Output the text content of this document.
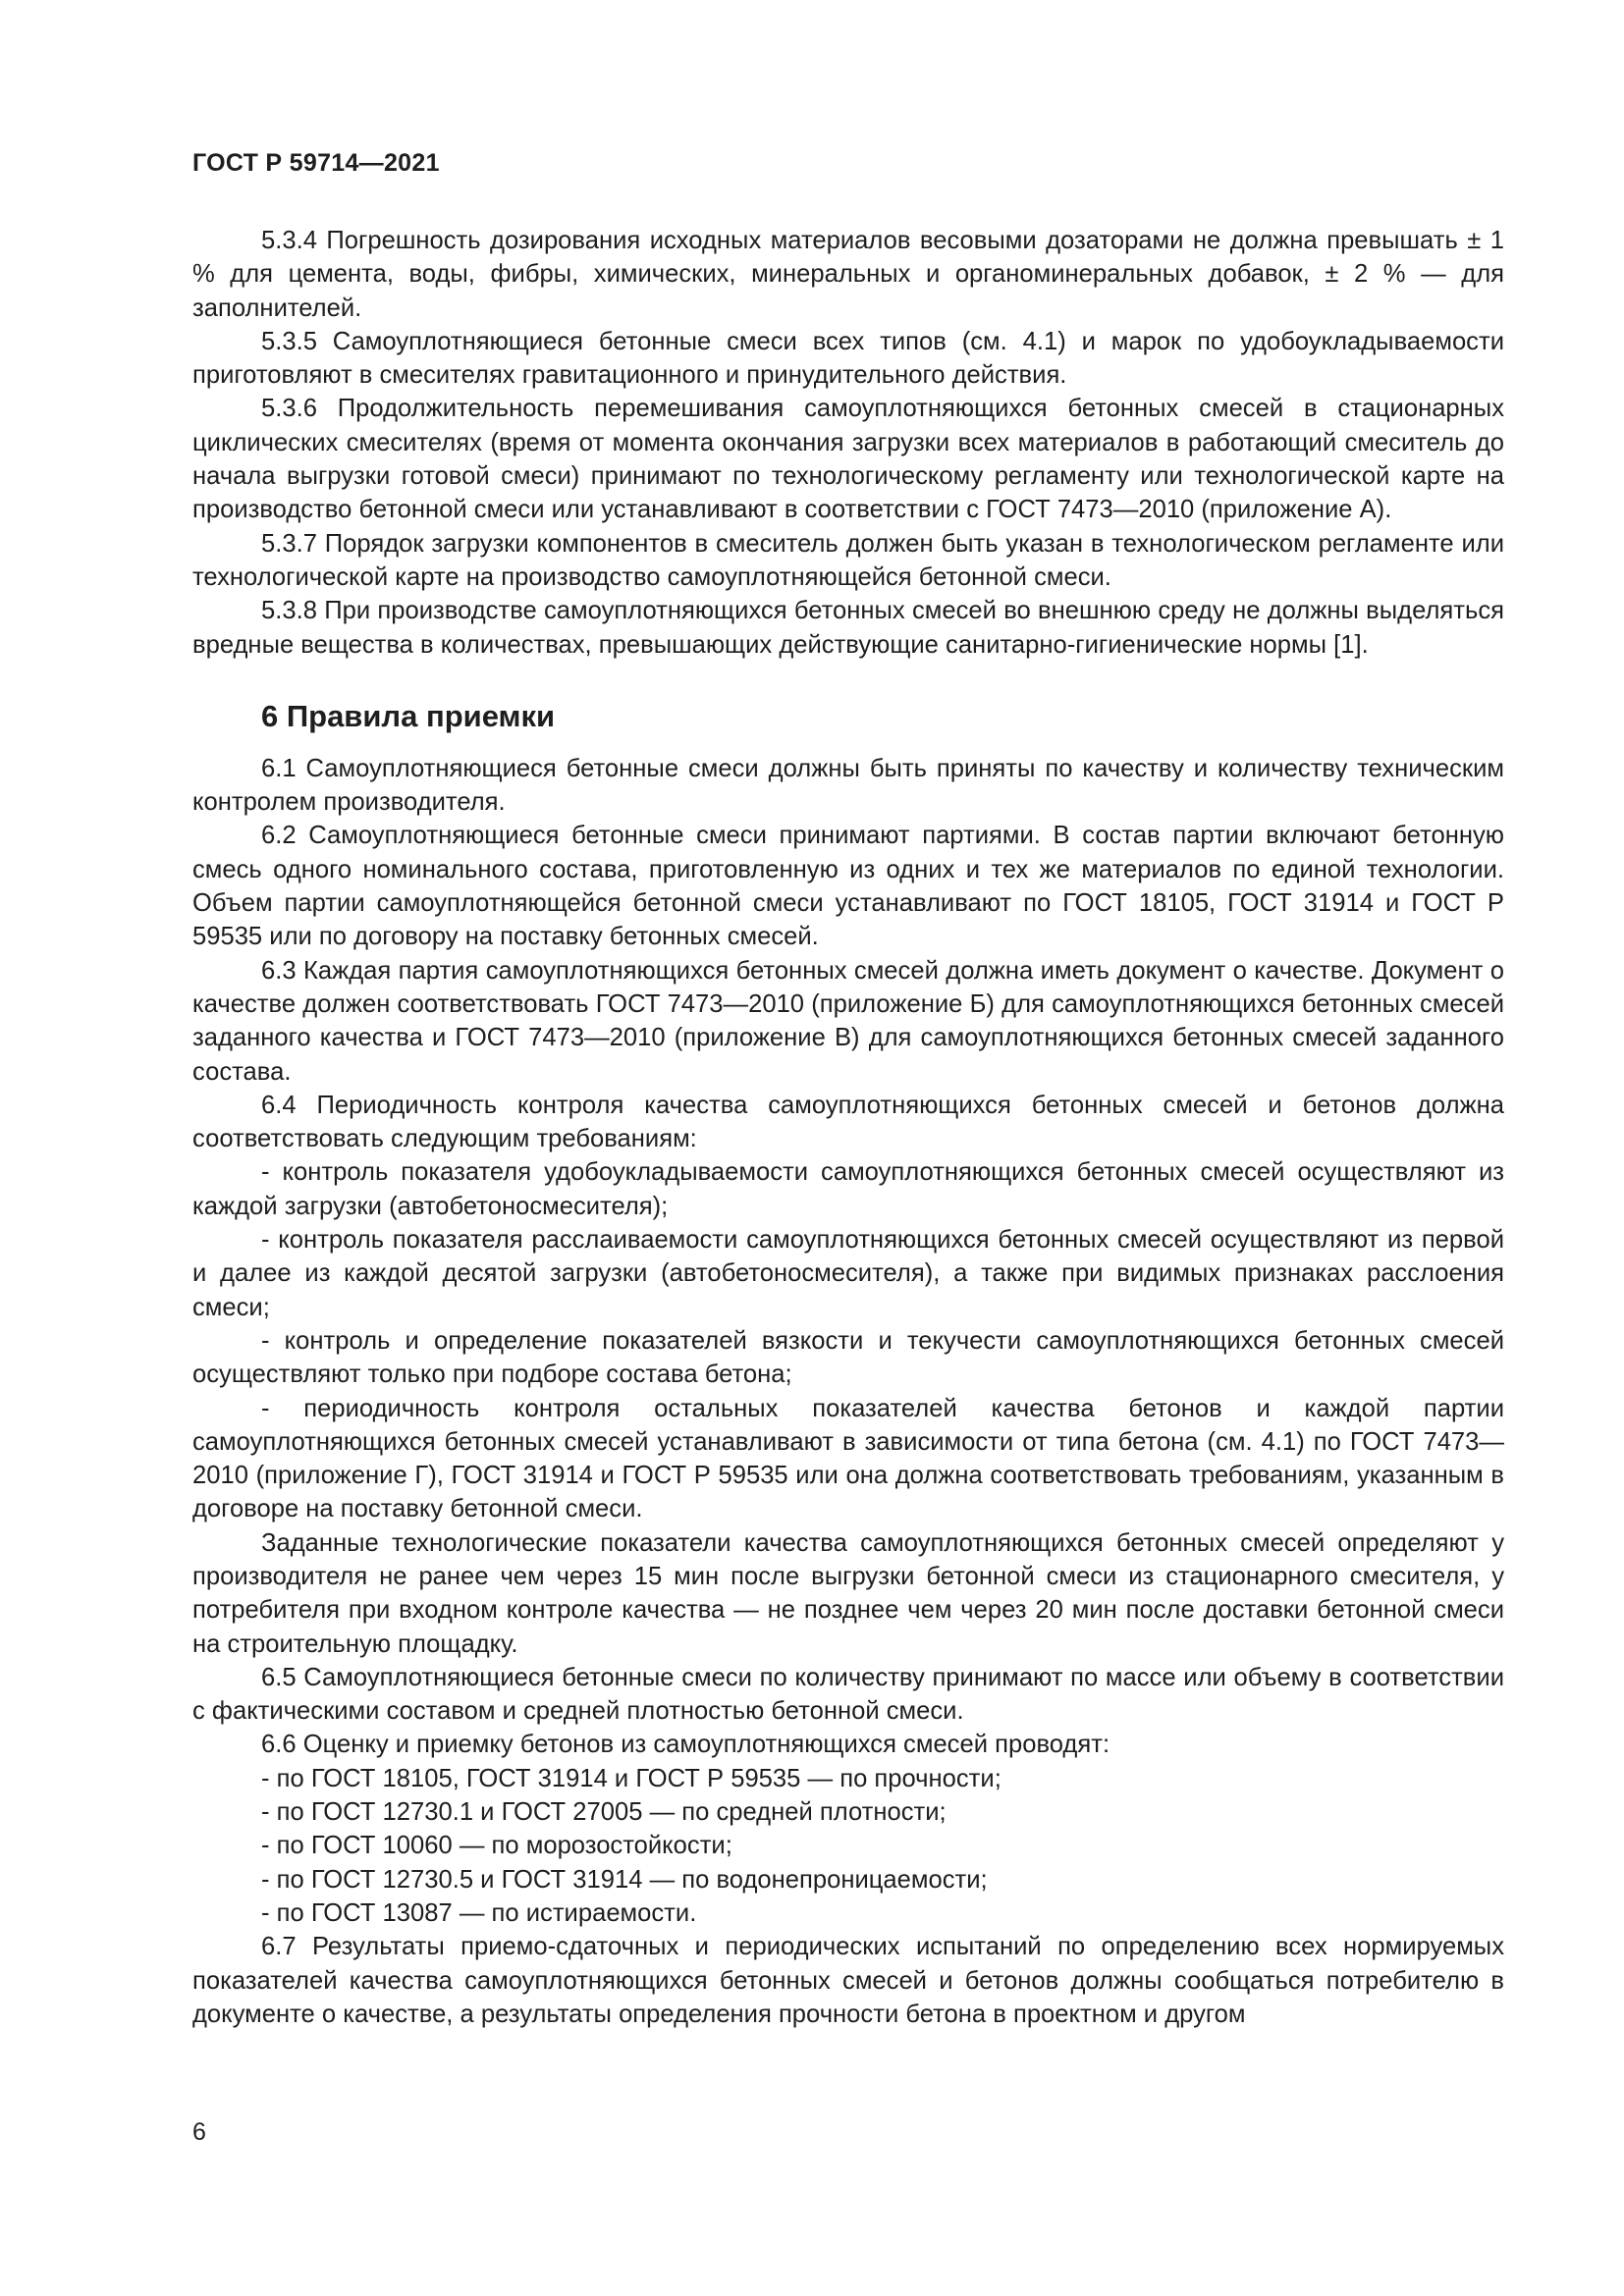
ГОСТ Р 59714—2021

5.3.4 Погрешность дозирования исходных материалов весовыми дозаторами не должна превышать ± 1 % для цемента, воды, фибры, химических, минеральных и органоминеральных добавок, ± 2 % — для заполнителей.

5.3.5 Самоуплотняющиеся бетонные смеси всех типов (см. 4.1) и марок по удобоукладываемости приготовляют в смесителях гравитационного и принудительного действия.

5.3.6 Продолжительность перемешивания самоуплотняющихся бетонных смесей в стационарных циклических смесителях (время от момента окончания загрузки всех материалов в работающий смеситель до начала выгрузки готовой смеси) принимают по технологическому регламенту или технологической карте на производство бетонной смеси или устанавливают в соответствии с ГОСТ 7473—2010 (приложение А).

5.3.7 Порядок загрузки компонентов в смеситель должен быть указан в технологическом регламенте или технологической карте на производство самоуплотняющейся бетонной смеси.

5.3.8 При производстве самоуплотняющихся бетонных смесей во внешнюю среду не должны выделяться вредные вещества в количествах, превышающих действующие санитарно-гигиенические нормы [1].

6 Правила приемки

6.1 Самоуплотняющиеся бетонные смеси должны быть приняты по качеству и количеству техническим контролем производителя.

6.2 Самоуплотняющиеся бетонные смеси принимают партиями. В состав партии включают бетонную смесь одного номинального состава, приготовленную из одних и тех же материалов по единой технологии. Объем партии самоуплотняющейся бетонной смеси устанавливают по ГОСТ 18105, ГОСТ 31914 и ГОСТ Р 59535 или по договору на поставку бетонных смесей.

6.3 Каждая партия самоуплотняющихся бетонных смесей должна иметь документ о качестве. Документ о качестве должен соответствовать ГОСТ 7473—2010 (приложение Б) для самоуплотняющихся бетонных смесей заданного качества и ГОСТ 7473—2010 (приложение В) для самоуплотняющихся бетонных смесей заданного состава.

6.4 Периодичность контроля качества самоуплотняющихся бетонных смесей и бетонов должна соответствовать следующим требованиям:

- контроль показателя удобоукладываемости самоуплотняющихся бетонных смесей осуществляют из каждой загрузки (автобетоносмесителя);

- контроль показателя расслаиваемости самоуплотняющихся бетонных смесей осуществляют из первой и далее из каждой десятой загрузки (автобетоносмесителя), а также при видимых признаках расслоения смеси;

- контроль и определение показателей вязкости и текучести самоуплотняющихся бетонных смесей осуществляют только при подборе состава бетона;

- периодичность контроля остальных показателей качества бетонов и каждой партии самоуплотняющихся бетонных смесей устанавливают в зависимости от типа бетона (см. 4.1) по ГОСТ 7473—2010 (приложение Г), ГОСТ 31914 и ГОСТ Р 59535 или она должна соответствовать требованиям, указанным в договоре на поставку бетонной смеси.

Заданные технологические показатели качества самоуплотняющихся бетонных смесей определяют у производителя не ранее чем через 15 мин после выгрузки бетонной смеси из стационарного смесителя, у потребителя при входном контроле качества — не позднее чем через 20 мин после доставки бетонной смеси на строительную площадку.

6.5 Самоуплотняющиеся бетонные смеси по количеству принимают по массе или объему в соответствии с фактическими составом и средней плотностью бетонной смеси.

6.6 Оценку и приемку бетонов из самоуплотняющихся смесей проводят:

- по ГОСТ 18105, ГОСТ 31914 и ГОСТ Р 59535 — по прочности;

- по ГОСТ 12730.1 и ГОСТ 27005 — по средней плотности;

- по ГОСТ 10060 — по морозостойкости;

- по ГОСТ 12730.5 и ГОСТ 31914 — по водонепроницаемости;

- по ГОСТ 13087 — по истираемости.

6.7 Результаты приемо-сдаточных и периодических испытаний по определению всех нормируемых показателей качества самоуплотняющихся бетонных смесей и бетонов должны сообщаться потребителю в документе о качестве, а результаты определения прочности бетона в проектном и другом

6
